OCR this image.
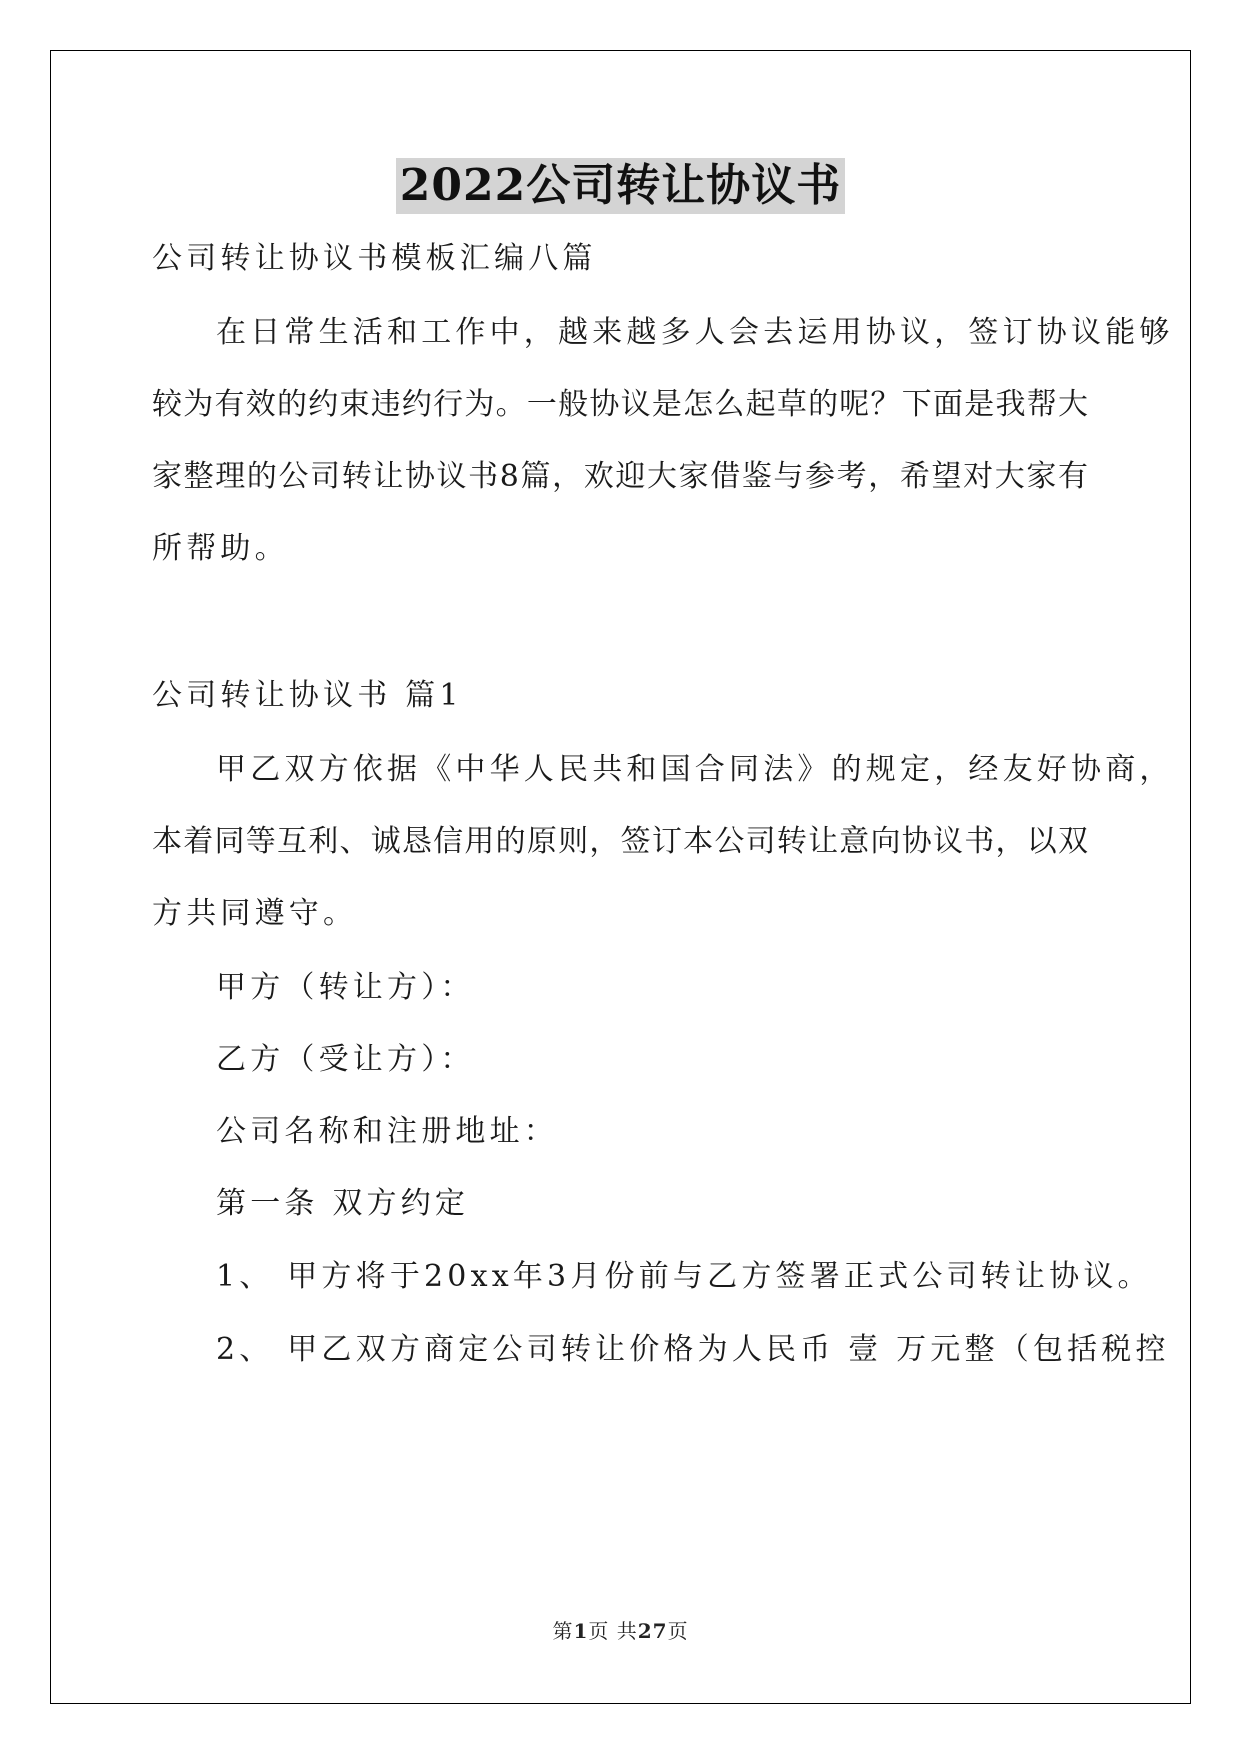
2022公司转让协议书
公司转让协议书模板汇编八篇
在日常生活和工作中，越来越多人会去运用协议，签订协议能够
较为有效的约束违约行为。一般协议是怎么起草的呢？下面是我帮大
家整理的公司转让协议书8篇，欢迎大家借鉴与参考，希望对大家有
所帮助。
公司转让协议书 篇1
甲乙双方依据《中华人民共和国合同法》的规定，经友好协商，
本着同等互利、诚恳信用的原则，签订本公司转让意向协议书，以双
方共同遵守。
甲方（转让方）：
乙方（受让方）：
公司名称和注册地址：
第一条 双方约定
1、 甲方将于20xx年3月份前与乙方签署正式公司转让协议。
2、 甲乙双方商定公司转让价格为人民币 壹 万元整（包括税控
第1页 共27页
